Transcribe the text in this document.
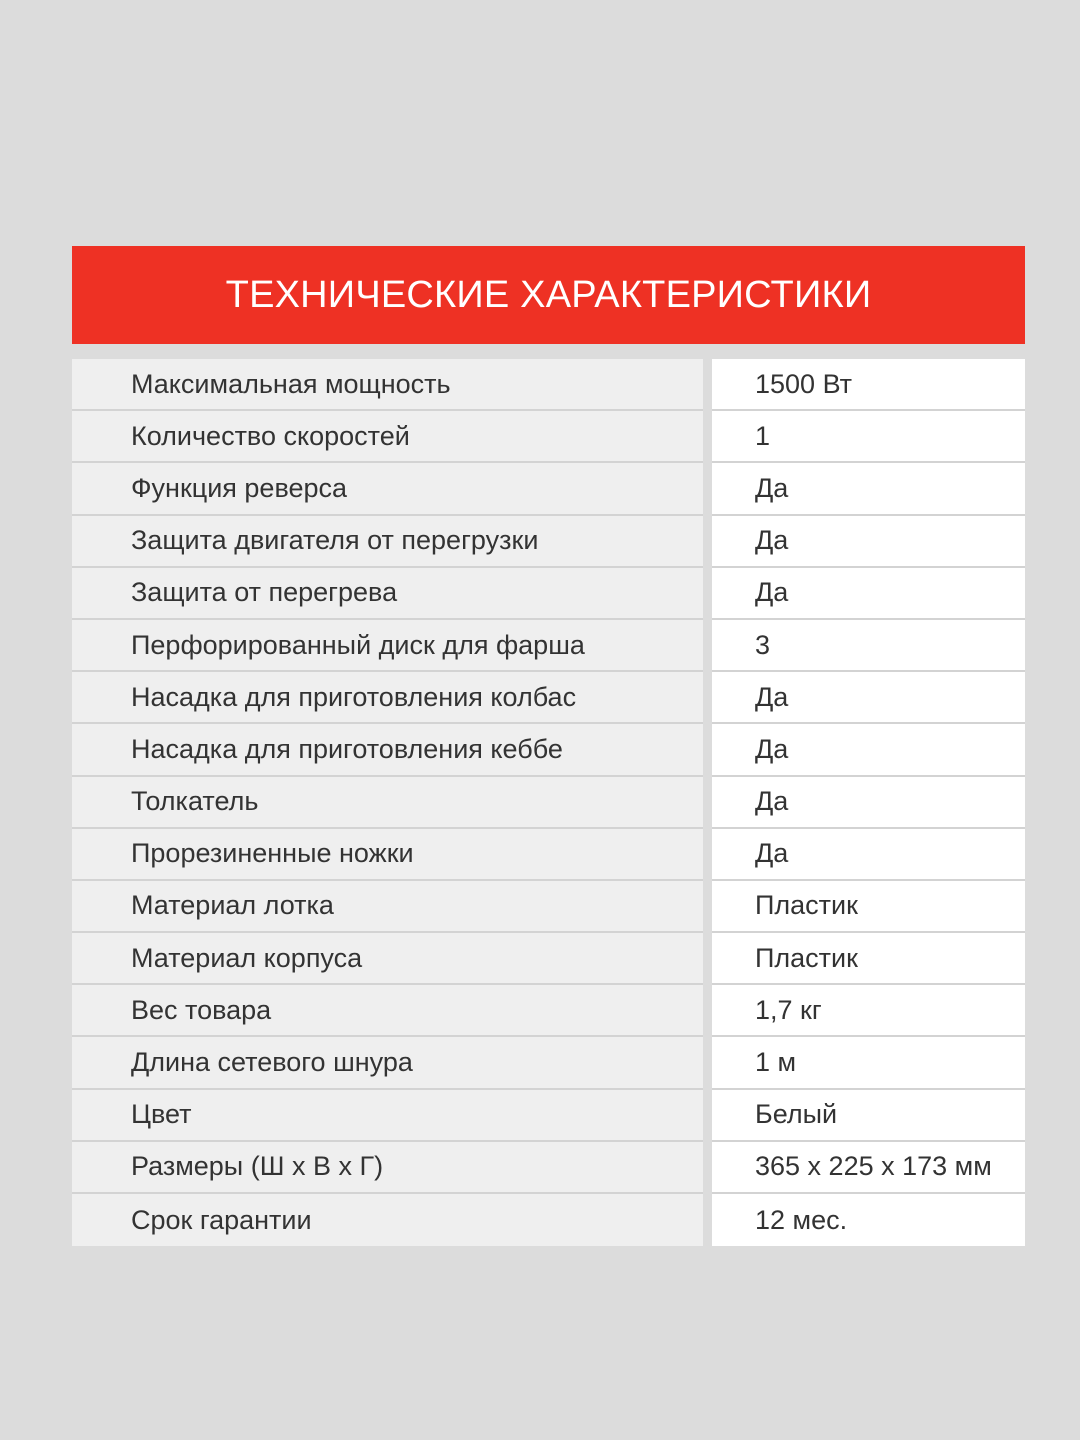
ТЕХНИЧЕСКИЕ ХАРАКТЕРИСТИКИ
Максимальная мощность	1500 Вт
Количество скоростей	1
Функция реверса	Да
Защита двигателя от перегрузки	Да
Защита от перегрева	Да
Перфорированный диск для фарша	3
Насадка для приготовления колбас	Да
Насадка для приготовления кеббе	Да
Толкатель	Да
Прорезиненные ножки	Да
Материал лотка	Пластик
Материал корпуса	Пластик
Вес товара	1,7 кг
Длина сетевого шнура	1 м
Цвет	Белый
Размеры (Ш х В х Г)	365 х 225 х 173 мм
Срок гарантии	12 мес.
